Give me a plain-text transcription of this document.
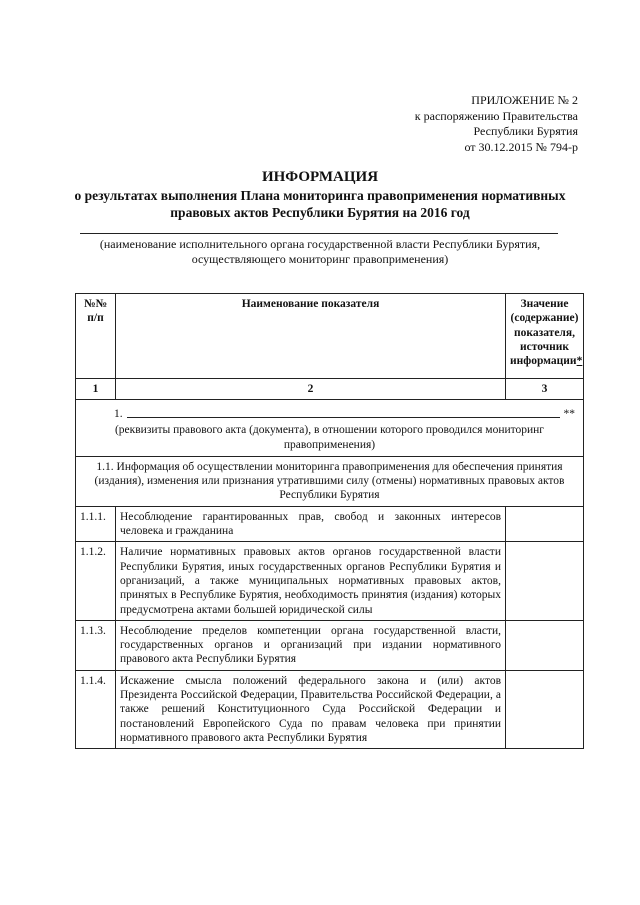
ПРИЛОЖЕНИЕ № 2
к распоряжению Правительства
Республики Бурятия
от 30.12.2015 № 794-р
ИНФОРМАЦИЯ
о результатах выполнения Плана мониторинга правоприменения нормативных правовых актов Республики Бурятия на 2016 год
(наименование исполнительного органа государственной власти Республики Бурятия, осуществляющего мониторинг правоприменения)
№№ п/п	Наименование показателя	Значение (содержание) показателя, источник информации*
1	2	3

1. **
(реквизиты правового акта (документа), в отношении которого проводился мониторинг правоприменения)		

1.1. Информация об осуществлении мониторинга правоприменения для обеспечения принятия (издания), изменения или признания утратившими силу (отмены) нормативных правовых актов Республики Бурятия		
1.1.1.	Несоблюдение гарантированных прав, свобод и законных интересов человека и гражданина	
1.1.2.	Наличие нормативных правовых актов органов государственной власти Республики Бурятия, иных государственных органов Республики Бурятия и организаций, а также муниципальных нормативных правовых актов, принятых в Республике Бурятия, необходимость принятия (издания) которых предусмотрена актами большей юридической силы	
1.1.3.	Несоблюдение пределов компетенции органа государственной власти, государственных органов и организаций при издании нормативного правового акта Республики Бурятия	
1.1.4.	Искажение смысла положений федерального закона и (или) актов Президента Российской Федерации, Правительства Российской Федерации, а также решений Конституционного Суда Российской Федерации и постановлений Европейского Суда по правам человека при принятии нормативного правового акта Республики Бурятия	
